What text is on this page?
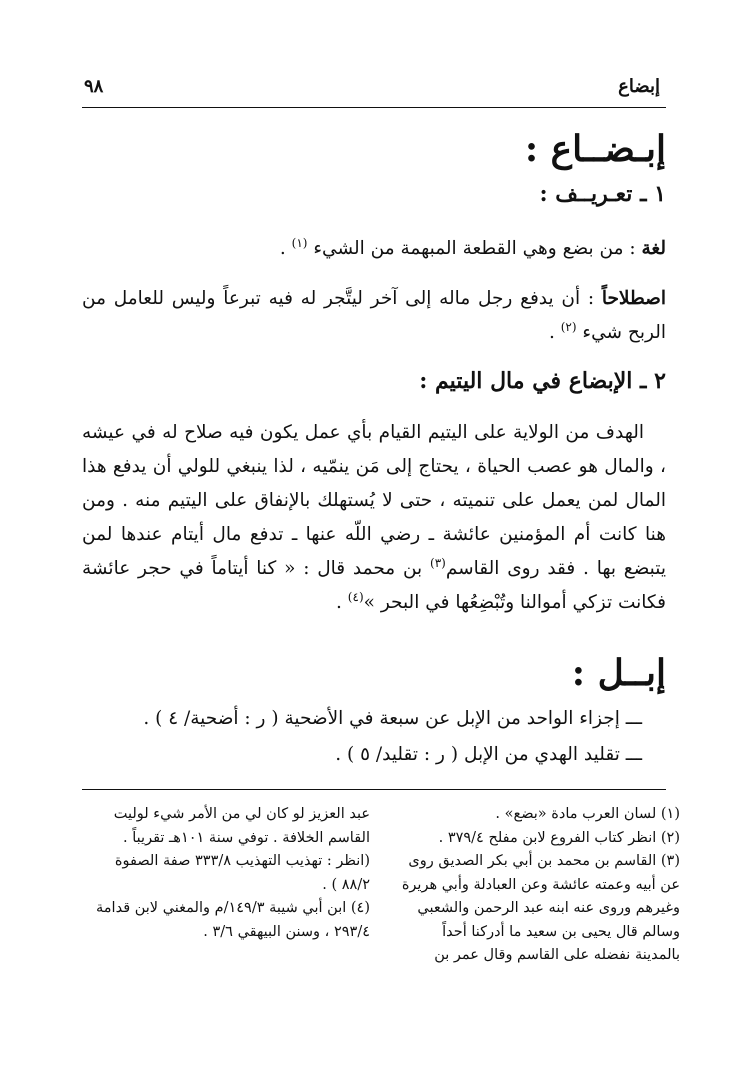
إبضاع
٩٨
إبـضــاع :
١ ـ تعـريــف :
لغة : من بضع وهي القطعة المبهمة من الشيء $^{(١)}$ .
اصطلاحاً : أن يدفع رجل ماله إلى آخر ليتَّجر له فيه تبرعاً وليس للعامل من الربح شيء $^{(٢)}$ .
٢ ـ الإبضاع في مال اليتيم :
الهدف من الولاية على اليتيم القيام بأي عمل يكون فيه صلاح له في عيشه ، والمال هو عصب الحياة ، يحتاج إلى مَن ينمّيه ، لذا ينبغي للولي أن يدفع هذا المال لمن يعمل على تنميته ، حتى لا يُستهلك بالإنفاق على اليتيم منه . ومن هنا كانت أم المؤمنين عائشة ـ رضي اللّه عنها ـ تدفع مال أيتام عندها لمن يتبضع بها . فقد روى القاسم$^{(٣)}$ بن محمد قال : « كنا أيتاماً في حجر عائشة فكانت تزكي أموالنا وتُبْضِعُها في البحر »$^{(٤)}$ .
إبــل :
ـــ إجزاء الواحد من الإبل عن سبعة في الأضحية ( ر : أضحية/ ٤ ) .
ـــ تقليد الهدي من الإبل ( ر : تقليد/ ٥ ) .

(١) لسان العرب مادة «بضع» .

(٢) انظر كتاب الفروع لابن مفلح ٣٧٩/٤ .

(٣) القاسم بن محمد بن أبي بكر الصديق روى عن أبيه وعمته عائشة وعن العبادلة وأبي هريرة وغيرهم وروى عنه ابنه عبد الرحمن والشعبي وسالم قال يحيى بن سعيد ما أدركنا أحداً بالمدينة نفضله على القاسم وقال عمر بن

عبد العزيز لو كان لي من الأمر شيء لوليت القاسم الخلافة . توفي سنة ١٠١هـ تقريباً .

(انظر : تهذيب التهذيب ٣٣٣/٨ صفة الصفوة ٨٨/٢ ) .

(٤) ابن أبي شيبة ١٤٩/٣/م والمغني لابن قدامة ٢٩٣/٤ ، وسنن البيهقي ٣/٦ .
